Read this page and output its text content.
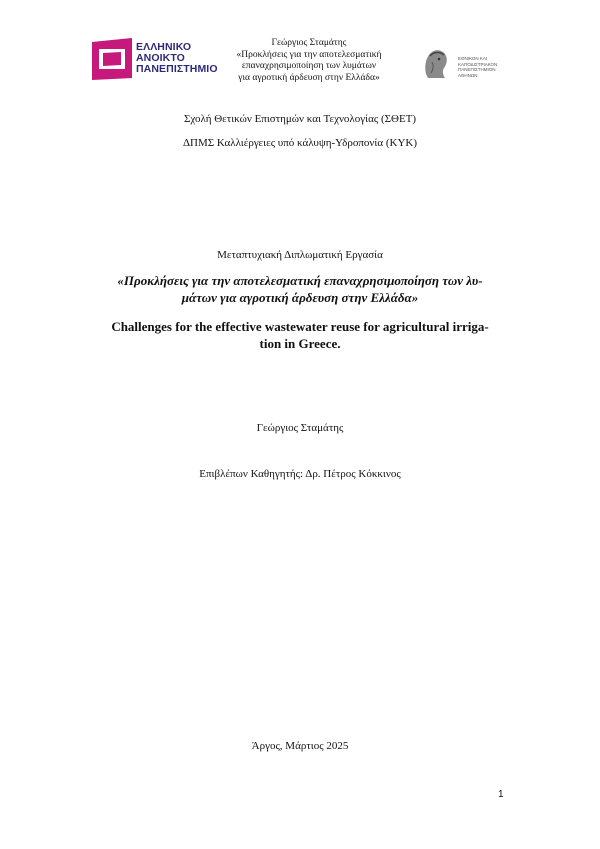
ΕΛΛΗΝΙΚΟ
ΑΝΟΙΚΤΟ
ΠΑΝΕΠΙΣΤΗΜΙΟ
Γεώργιος Σταμάτης
«Προκλήσεις για την αποτελεσματική
επαναχρησιμοποίηση των λυμάτων
για αγροτική άρδευση στην Ελλάδα»
ΕΘΝΙΚΟΝ ΚΑΙ
ΚΑΠΟΔΙΣΤΡΙΑΚΟΝ
ΠΑΝΕΠΙΣΤΗΜΙΟΝ
ΑΘΗΝΩΝ
Σχολή Θετικών Επιστημών και Τεχνολογίας (ΣΘΕΤ)
ΔΠΜΣ Καλλιέργειες υπό κάλυψη-Υδροπονία (ΚΥΚ)
Μεταπτυχιακή Διπλωματική Εργασία
«Προκλήσεις για την αποτελεσματική επαναχρησιμοποίηση των λυ-
μάτων για αγροτική άρδευση στην Ελλάδα»
Challenges for the effective wastewater reuse for agricultural irriga-
tion in Greece.
Γεώργιος Σταμάτης
Επιβλέπων Καθηγητής: Δρ. Πέτρος Κόκκινος
Άργος, Μάρτιος 2025
1
